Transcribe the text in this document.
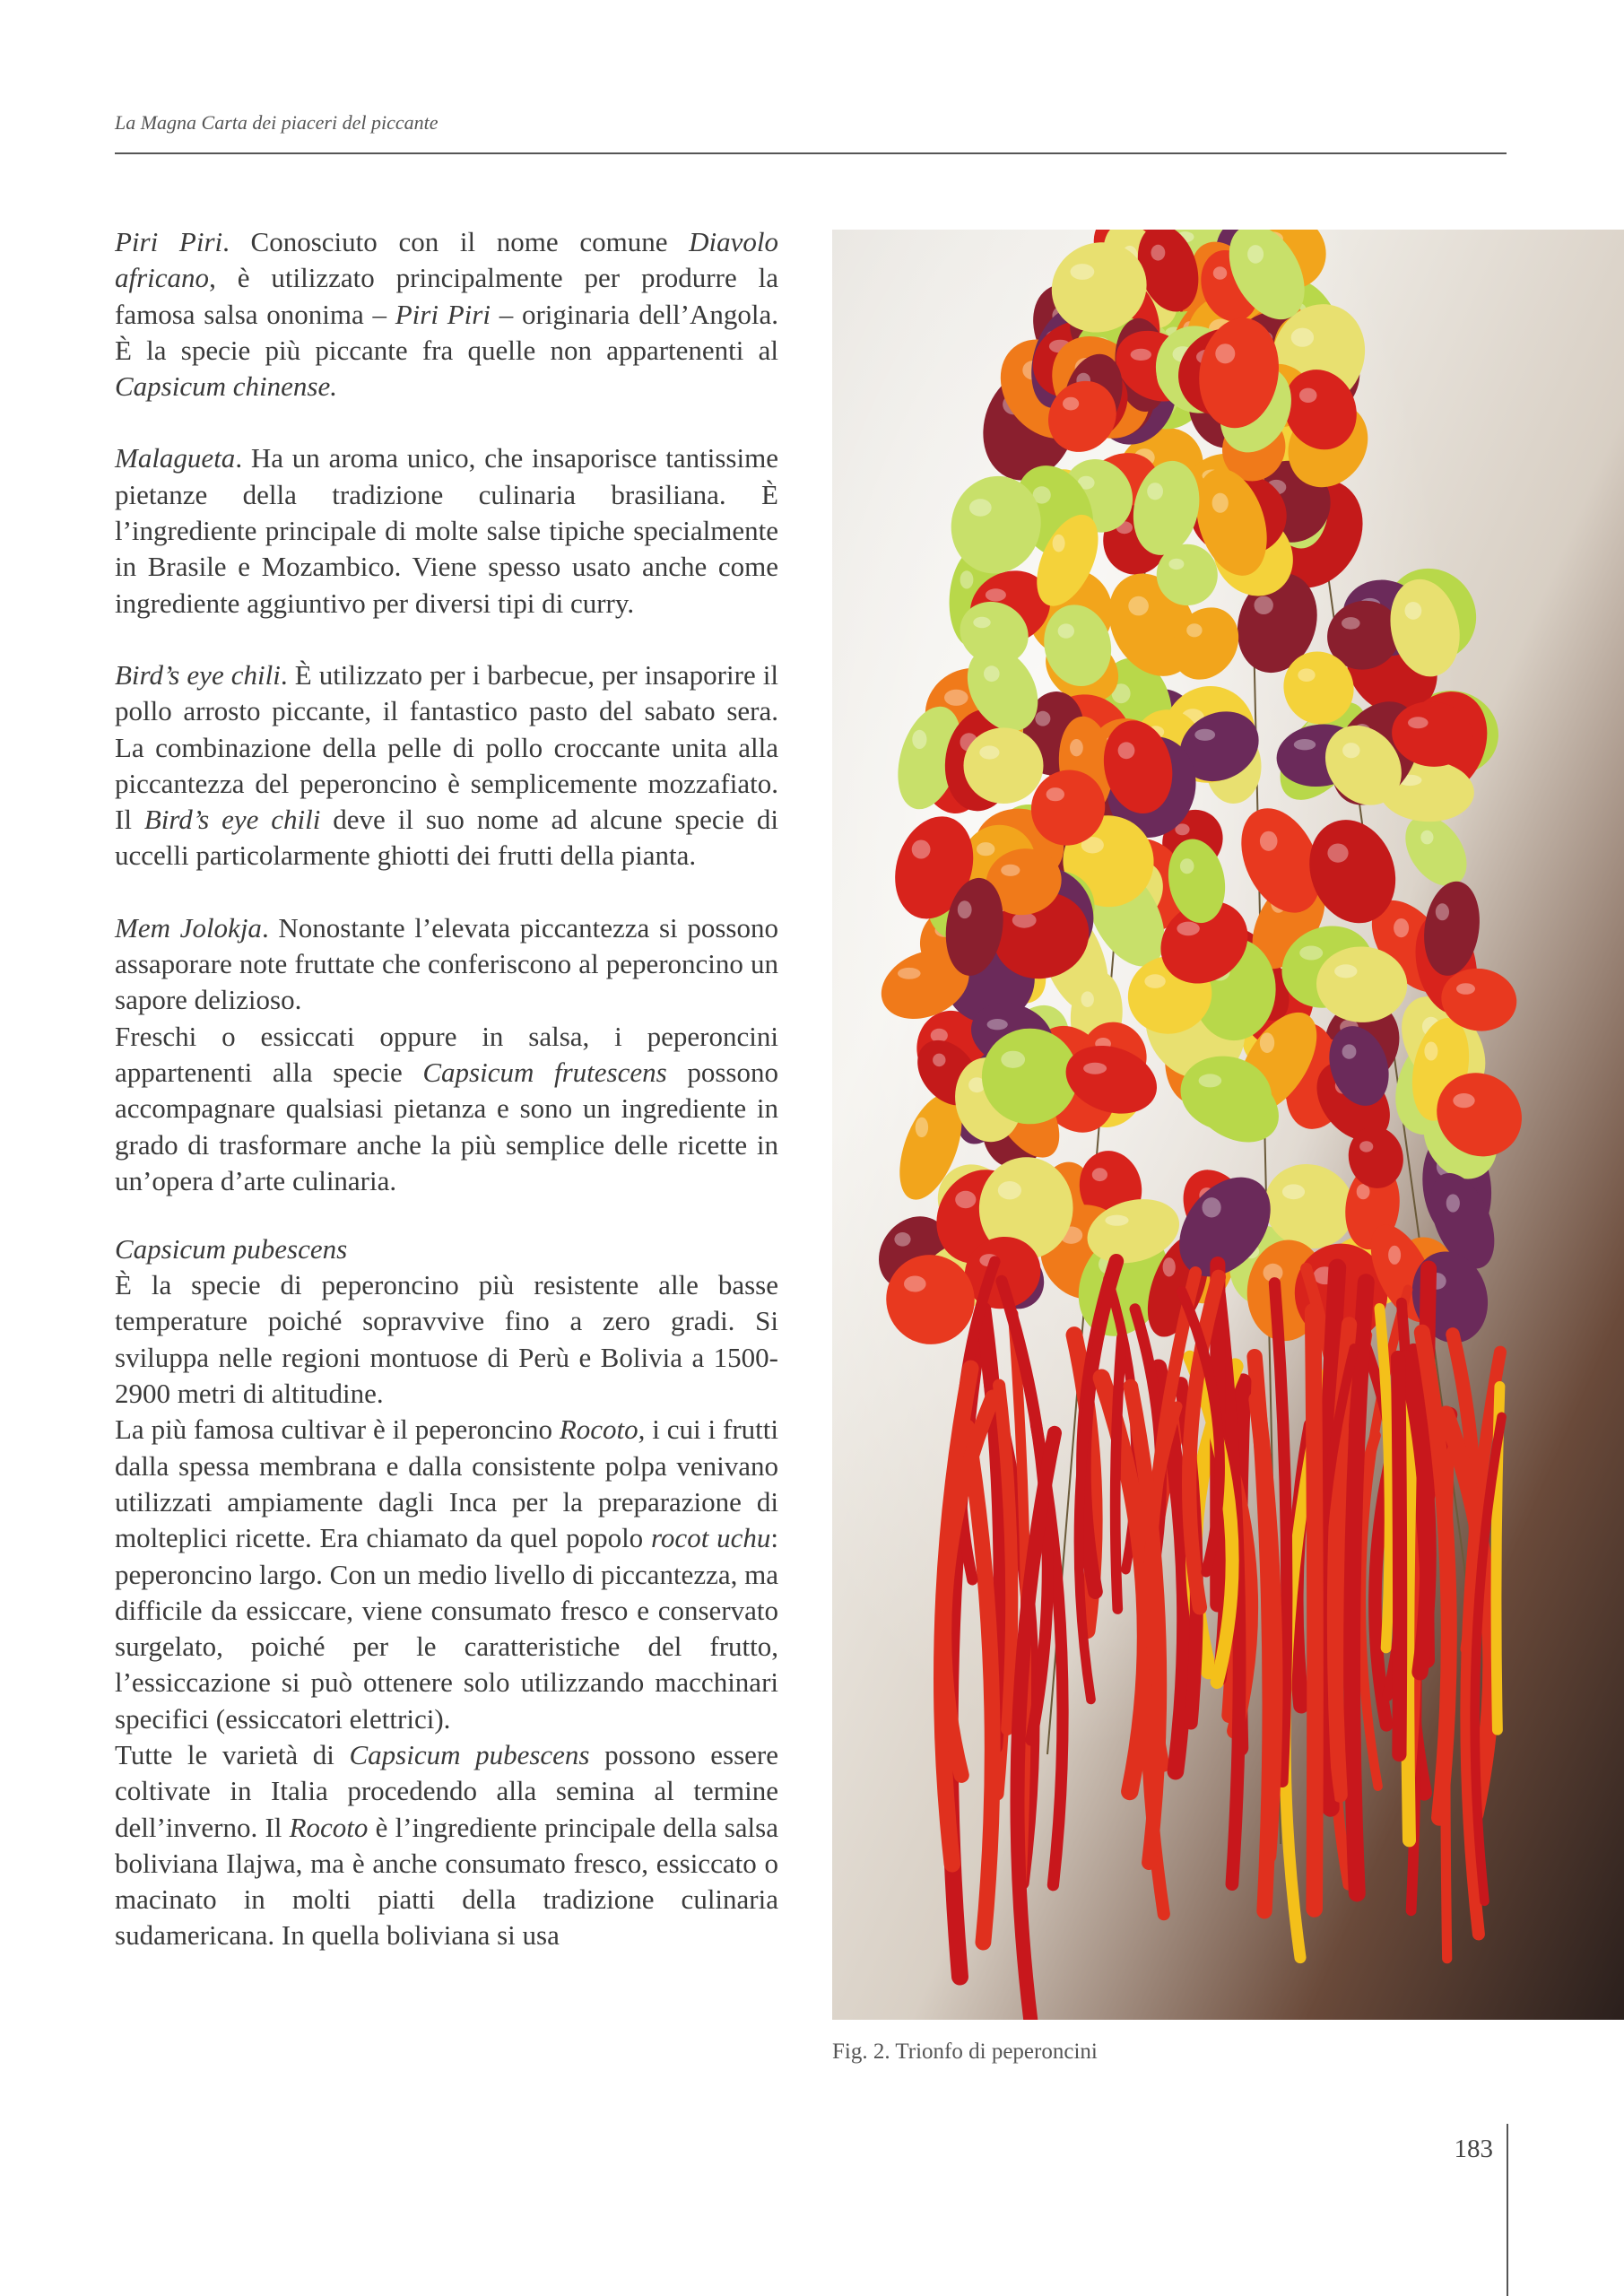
La Magna Carta dei piaceri del piccante

Piri Piri. Conosciuto con il nome comune Diavolo africano, è utilizzato principalmente per produrre la famosa salsa ononima – Piri Piri – originaria dell’Angola. È la specie più piccante fra quelle non appartenenti al Capsicum chinense.

Malagueta. Ha un aroma unico, che insaporisce tantissime pietanze della tradizione culinaria brasiliana. È l’ingrediente principale di molte salse tipiche specialmente in Brasile e Mozambico. Viene spesso usato anche come ingrediente aggiuntivo per diversi tipi di curry.

Bird’s eye chili. È utilizzato per i barbecue, per insaporire il pollo arrosto piccante, il fantastico pasto del sabato sera. La combinazione della pelle di pollo croccante unita alla piccantezza del peperoncino è semplicemente mozzafiato. Il Bird’s eye chili deve il suo nome ad alcune specie di uccelli particolarmente ghiotti dei frutti della pianta.

Mem Jolokja. Nonostante l’elevata piccantezza si possono assaporare note fruttate che conferiscono al peperoncino un sapore delizioso.

Freschi o essiccati oppure in salsa, i peperoncini appartenenti alla specie Capsicum frutescens possono accompagnare qualsiasi pietanza e sono un ingrediente in grado di trasformare anche la più semplice delle ricette in un’opera d’arte culinaria.

Capsicum pubescens

È la specie di peperoncino più resistente alle basse temperature poiché sopravvive fino a zero gradi. Si sviluppa nelle regioni montuose di Perù e Bolivia a 1500-2900 metri di altitudine.

La più famosa cultivar è il peperoncino Rocoto, i cui i frutti dalla spessa membrana e dalla consistente polpa venivano utilizzati ampiamente dagli Inca per la preparazione di molteplici ricette. Era chiamato da quel popolo rocot uchu: peperoncino largo. Con un medio livello di piccantezza, ma difficile da essiccare, viene consumato fresco e conservato surgelato, poiché per le caratteristiche del frutto, l’essiccazione si può ottenere solo utilizzando macchinari specifici (essiccatori elettrici).

Tutte le varietà di Capsicum pubescens possono essere coltivate in Italia procedendo alla semina al termine dell’inverno. Il Rocoto è l’ingrediente principale della salsa boliviana Ilajwa, ma è anche consumato fresco, essiccato o macinato in molti piatti della tradizione culinaria sudamericana. In quella boliviana si usa

Fig. 2. Trionfo di peperoncini
183
